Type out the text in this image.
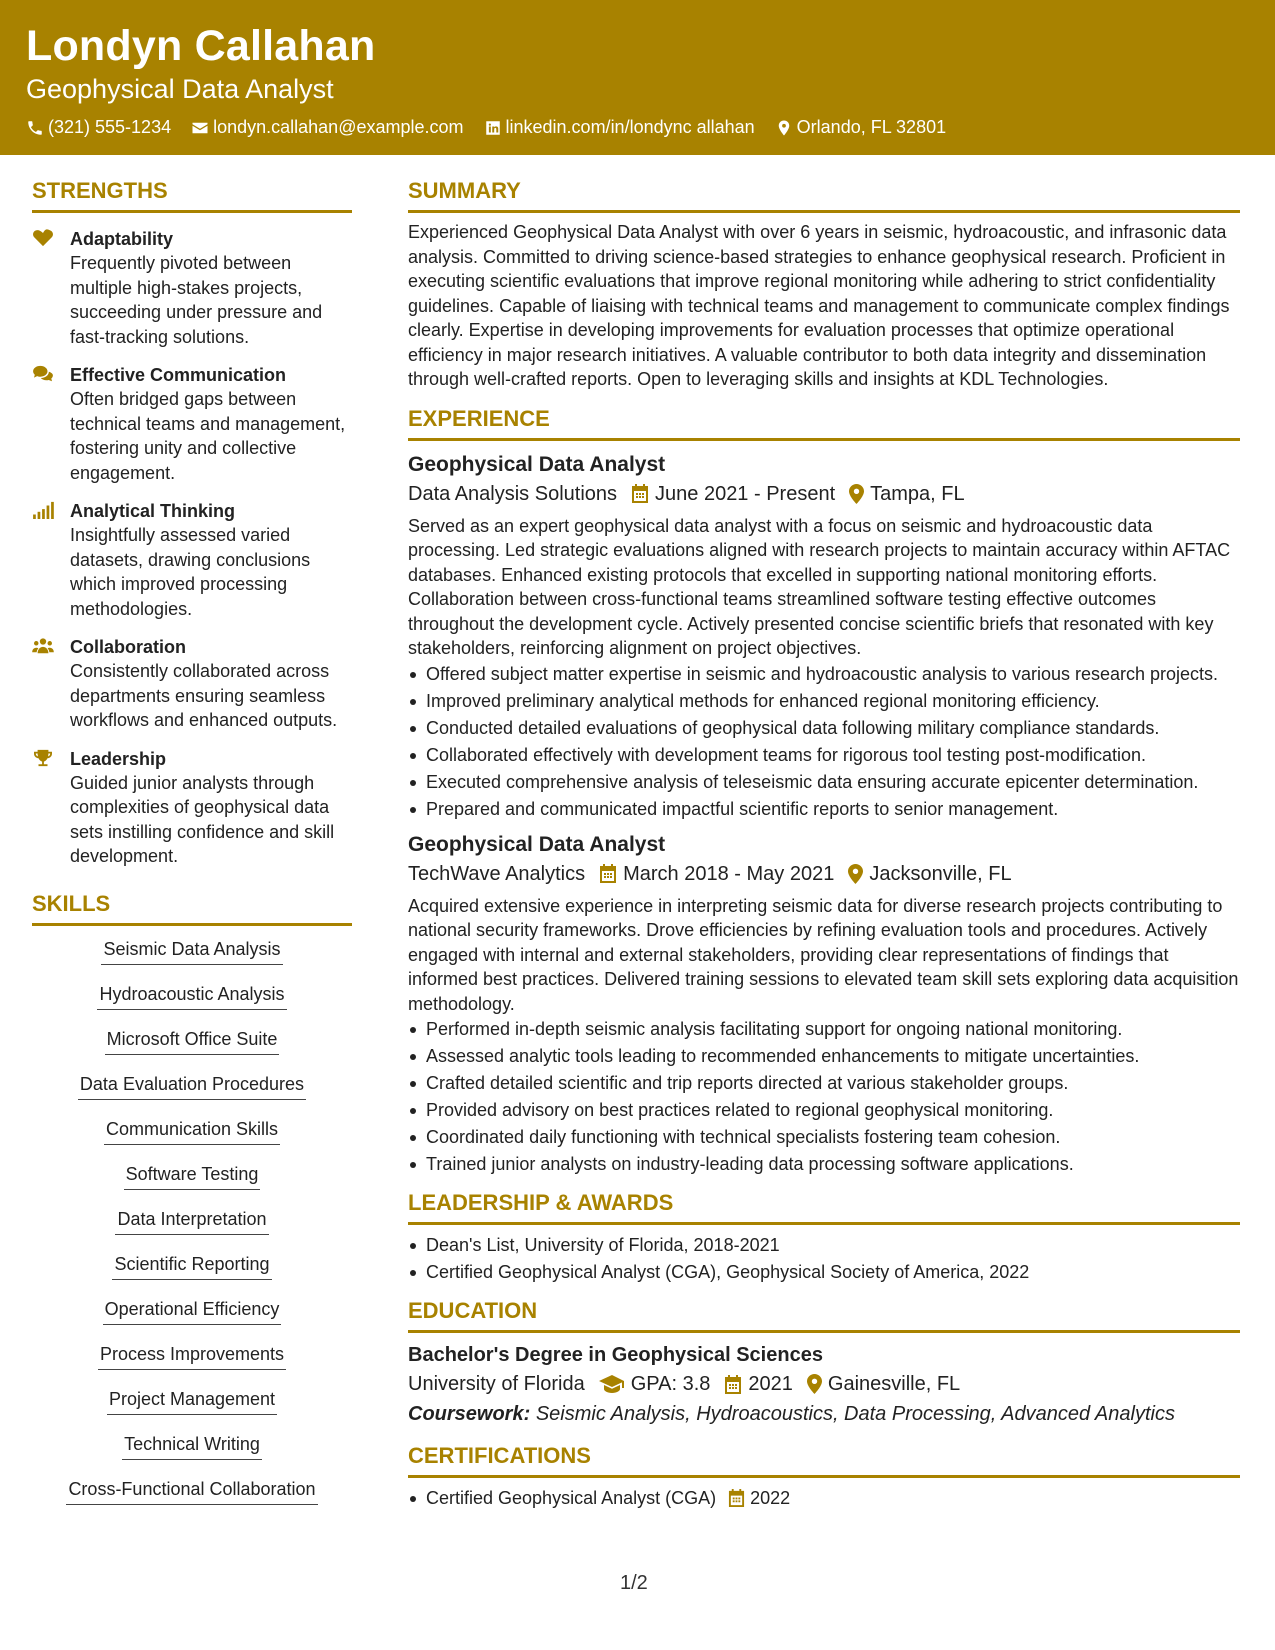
Londyn Callahan
Geophysical Data Analyst
(321) 555-1234 londyn.callahan@example.com linkedin.com/in/londync allahan Orlando, FL 32801
STRENGTHS
Adaptability
Frequently pivoted between multiple high-stakes projects, succeeding under pressure and fast-tracking solutions.
Effective Communication
Often bridged gaps between technical teams and management, fostering unity and collective engagement.
Analytical Thinking
Insightfully assessed varied datasets, drawing conclusions which improved processing methodologies.
Collaboration
Consistently collaborated across departments ensuring seamless workflows and enhanced outputs.
Leadership
Guided junior analysts through complexities of geophysical data sets instilling confidence and skill development.
SKILLS
Seismic Data Analysis
Hydroacoustic Analysis
Microsoft Office Suite
Data Evaluation Procedures
Communication Skills
Software Testing
Data Interpretation
Scientific Reporting
Operational Efficiency
Process Improvements
Project Management
Technical Writing
Cross-Functional Collaboration
SUMMARY
Experienced Geophysical Data Analyst with over 6 years in seismic, hydroacoustic, and infrasonic data analysis. Committed to driving science-based strategies to enhance geophysical research. Proficient in executing scientific evaluations that improve regional monitoring while adhering to strict confidentiality guidelines. Capable of liaising with technical teams and management to communicate complex findings clearly. Expertise in developing improvements for evaluation processes that optimize operational efficiency in major research initiatives. A valuable contributor to both data integrity and dissemination through well-crafted reports. Open to leveraging skills and insights at KDL Technologies.
EXPERIENCE
Geophysical Data Analyst
Data Analysis Solutions June 2021 - Present Tampa, FL
Served as an expert geophysical data analyst with a focus on seismic and hydroacoustic data processing. Led strategic evaluations aligned with research projects to maintain accuracy within AFTAC databases. Enhanced existing protocols that excelled in supporting national monitoring efforts. Collaboration between cross-functional teams streamlined software testing effective outcomes throughout the development cycle. Actively presented concise scientific briefs that resonated with key stakeholders, reinforcing alignment on project objectives.
Offered subject matter expertise in seismic and hydroacoustic analysis to various research projects.
Improved preliminary analytical methods for enhanced regional monitoring efficiency.
Conducted detailed evaluations of geophysical data following military compliance standards.
Collaborated effectively with development teams for rigorous tool testing post-modification.
Executed comprehensive analysis of teleseismic data ensuring accurate epicenter determination.
Prepared and communicated impactful scientific reports to senior management.
Geophysical Data Analyst
TechWave Analytics March 2018 - May 2021 Jacksonville, FL
Acquired extensive experience in interpreting seismic data for diverse research projects contributing to national security frameworks. Drove efficiencies by refining evaluation tools and procedures. Actively engaged with internal and external stakeholders, providing clear representations of findings that informed best practices. Delivered training sessions to elevated team skill sets exploring data acquisition methodology.
Performed in-depth seismic analysis facilitating support for ongoing national monitoring.
Assessed analytic tools leading to recommended enhancements to mitigate uncertainties.
Crafted detailed scientific and trip reports directed at various stakeholder groups.
Provided advisory on best practices related to regional geophysical monitoring.
Coordinated daily functioning with technical specialists fostering team cohesion.
Trained junior analysts on industry-leading data processing software applications.
LEADERSHIP & AWARDS
Dean's List, University of Florida, 2018-2021
Certified Geophysical Analyst (CGA), Geophysical Society of America, 2022
EDUCATION
Bachelor's Degree in Geophysical Sciences
University of Florida GPA: 3.8 2021 Gainesville, FL
Coursework: Seismic Analysis, Hydroacoustics, Data Processing, Advanced Analytics
CERTIFICATIONS
Certified Geophysical Analyst (CGA) 2022
1/2
